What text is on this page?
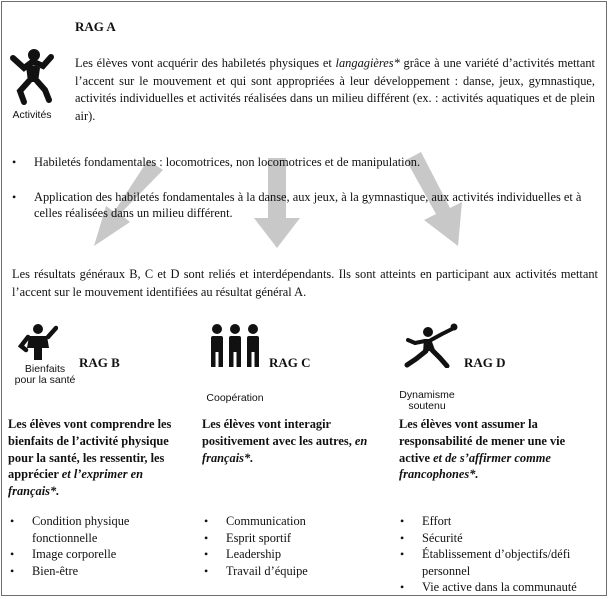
RAG A
Activités
Les élèves vont acquérir des habiletés physiques et langagières* grâce à une variété d’activités mettant l’accent sur le mouvement et qui sont appropriées à leur développement : danse, jeux, gymnastique, activités individuelles et activités réalisées dans un milieu différent (ex. : activités aquatiques et de plein air).
• Habiletés fondamentales : locomotrices, non locomotrices et de manipulation.
• Application des habiletés fondamentales à la danse, aux jeux, à la gymnastique, aux activités individuelles et à celles réalisées dans un milieu différent.
Les résultats généraux B, C et D sont reliés et interdépendants. Ils sont atteints en participant aux activités mettant l’accent sur le mouvement identifiées au résultat général A.
Bienfaits
pour la santé
RAG B
Les élèves vont comprendre les bienfaits de l’activité physique pour la santé, les ressentir, les apprécier et l’exprimer en français*.
• Condition physique fonctionnelle
• Image corporelle
• Bien-être
Coopération
RAG C
Les élèves vont interagir positivement avec les autres, en français*.
• Communication
• Esprit sportif
• Leadership
• Travail d’équipe
Dynamisme
soutenu
RAG D
Les élèves vont assumer la responsabilité de mener une vie active et de s’affirmer comme francophones*.
• Effort
• Sécurité
• Établissement d’objectifs/défi personnel
• Vie active dans la communauté
